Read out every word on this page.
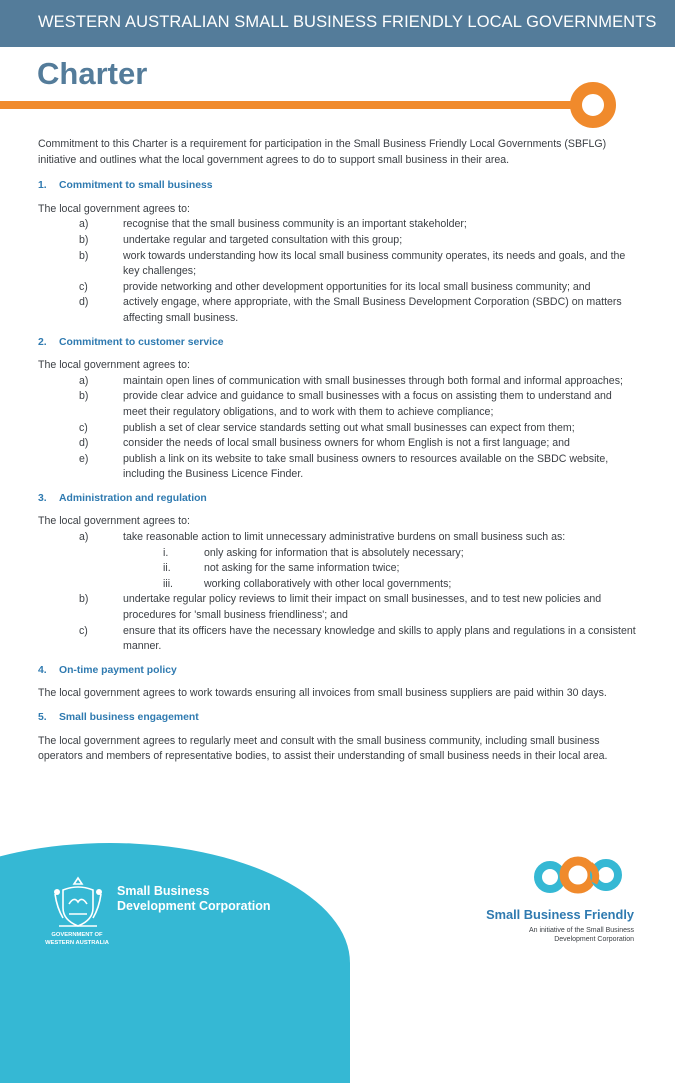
WESTERN AUSTRALIAN SMALL BUSINESS FRIENDLY LOCAL GOVERNMENTS
Charter

Commitment to this Charter is a requirement for participation in the Small Business Friendly Local Governments (SBFLG) initiative and outlines what the local government agrees to do to support small business in their area.

1.	Commitment to small business

The local government agrees to:

a)	recognise that the small business community is an important stakeholder;
b)	undertake regular and targeted consultation with this group;
b)	work towards understanding how its local small business community operates, its needs and goals, and the key challenges;
c)	provide networking and other development opportunities for its local small business community; and
d)	actively engage, where appropriate, with the Small Business Development Corporation (SBDC) on matters affecting small business.
2.	Commitment to customer service

The local government agrees to:

a)	maintain open lines of communication with small businesses through both formal and informal approaches;
b)	provide clear advice and guidance to small businesses with a focus on assisting them to understand and meet their regulatory obligations, and to work with them to achieve compliance;
c)	publish a set of clear service standards setting out what small businesses can expect from them;
d)	consider the needs of local small business owners for whom English is not a first language; and
e)	publish a link on its website to take small business owners to resources available on the SBDC website, including the Business Licence Finder.
3.	Administration and regulation

The local government agrees to:

a)	take reasonable action to limit unnecessary administrative burdens on small business such as:
i.	only asking for information that is absolutely necessary;
ii.	not asking for the same information twice;
iii.	working collaboratively with other local governments;
b)	undertake regular policy reviews to limit their impact on small businesses, and to test new policies and procedures for 'small business friendliness'; and
c)	ensure that its officers have the necessary knowledge and skills to apply plans and regulations in a consistent manner.
4.	On-time payment policy

The local government agrees to work towards ensuring all invoices from small business suppliers are paid within 30 days.

5.	Small business engagement

The local government agrees to regularly meet and consult with the small business community, including small business operators and members of representative bodies, to assist their understanding of small business needs in their local area.

GOVERNMENT OF
WESTERN AUSTRALIA
Small Business
Development Corporation
Small Business Friendly
An initiative of the Small Business
Development Corporation
